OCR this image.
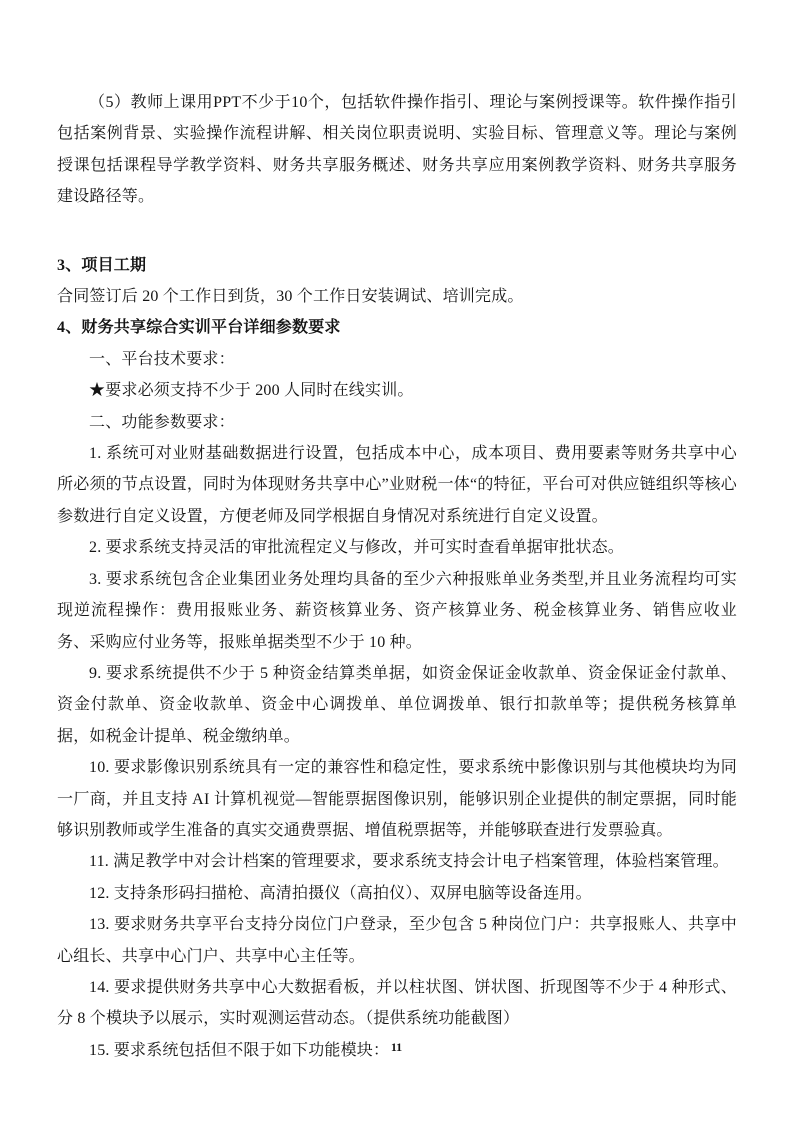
（5）教师上课用PPT不少于10个，包括软件操作指引、理论与案例授课等。软件操作指引包括案例背景、实验操作流程讲解、相关岗位职责说明、实验目标、管理意义等。理论与案例授课包括课程导学教学资料、财务共享服务概述、财务共享应用案例教学资料、财务共享服务建设路径等。

3、项目工期

合同签订后 20 个工作日到货，30 个工作日安装调试、培训完成。

4、财务共享综合实训平台详细参数要求

一、平台技术要求：

★要求必须支持不少于 200 人同时在线实训。

二、功能参数要求：

1. 系统可对业财基础数据进行设置，包括成本中心，成本项目、费用要素等财务共享中心所必须的节点设置，同时为体现财务共享中心”业财税一体“的特征，平台可对供应链组织等核心参数进行自定义设置，方便老师及同学根据自身情况对系统进行自定义设置。

2. 要求系统支持灵活的审批流程定义与修改，并可实时查看单据审批状态。

3. 要求系统包含企业集团业务处理均具备的至少六种报账单业务类型,并且业务流程均可实现逆流程操作：费用报账业务、薪资核算业务、资产核算业务、税金核算业务、销售应收业务、采购应付业务等，报账单据类型不少于 10 种。

9. 要求系统提供不少于 5 种资金结算类单据，如资金保证金收款单、资金保证金付款单、资金付款单、资金收款单、资金中心调拨单、单位调拨单、银行扣款单等；提供税务核算单据，如税金计提单、税金缴纳单。

10. 要求影像识别系统具有一定的兼容性和稳定性，要求系统中影像识别与其他模块均为同一厂商，并且支持 AI 计算机视觉—智能票据图像识别，能够识别企业提供的制定票据，同时能够识别教师或学生准备的真实交通费票据、增值税票据等，并能够联查进行发票验真。

11. 满足教学中对会计档案的管理要求，要求系统支持会计电子档案管理，体验档案管理。

12. 支持条形码扫描枪、高清拍摄仪（高拍仪）、双屏电脑等设备连用。

13. 要求财务共享平台支持分岗位门户登录，至少包含 5 种岗位门户：共享报账人、共享中心组长、共享中心门户、共享中心主任等。

14. 要求提供财务共享中心大数据看板，并以柱状图、饼状图、折现图等不少于 4 种形式、分 8 个模块予以展示，实时观测运营动态。（提供系统功能截图）

15. 要求系统包括但不限于如下功能模块： 11
